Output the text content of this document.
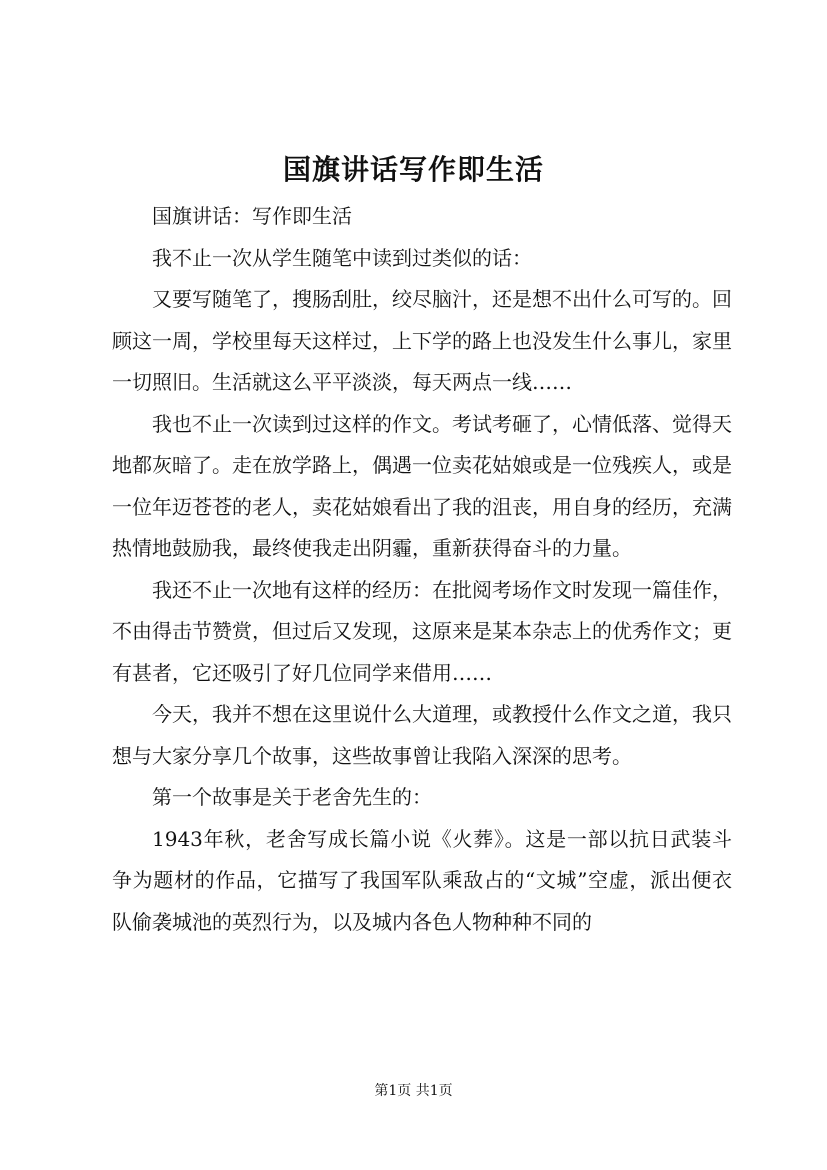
国旗讲话写作即生活

国旗讲话：写作即生活

我不止一次从学生随笔中读到过类似的话：

又要写随笔了，搜肠刮肚，绞尽脑汁，还是想不出什么可写的。回顾这一周，学校里每天这样过，上下学的路上也没发生什么事儿，家里一切照旧。生活就这么平平淡淡，每天两点一线……

我也不止一次读到过这样的作文。考试考砸了，心情低落、觉得天地都灰暗了。走在放学路上，偶遇一位卖花姑娘或是一位残疾人，或是一位年迈苍苍的老人，卖花姑娘看出了我的沮丧，用自身的经历，充满热情地鼓励我，最终使我走出阴霾，重新获得奋斗的力量。

我还不止一次地有这样的经历：在批阅考场作文时发现一篇佳作，不由得击节赞赏，但过后又发现，这原来是某本杂志上的优秀作文；更有甚者，它还吸引了好几位同学来借用……

今天，我并不想在这里说什么大道理，或教授什么作文之道，我只想与大家分享几个故事，这些故事曾让我陷入深深的思考。

第一个故事是关于老舍先生的：

1943年秋，老舍写成长篇小说《火葬》。这是一部以抗日武装斗争为题材的作品，它描写了我国军队乘敌占的“文城”空虚，派出便衣队偷袭城池的英烈行为，以及城内各色人物种种不同的

第1页 共1页
